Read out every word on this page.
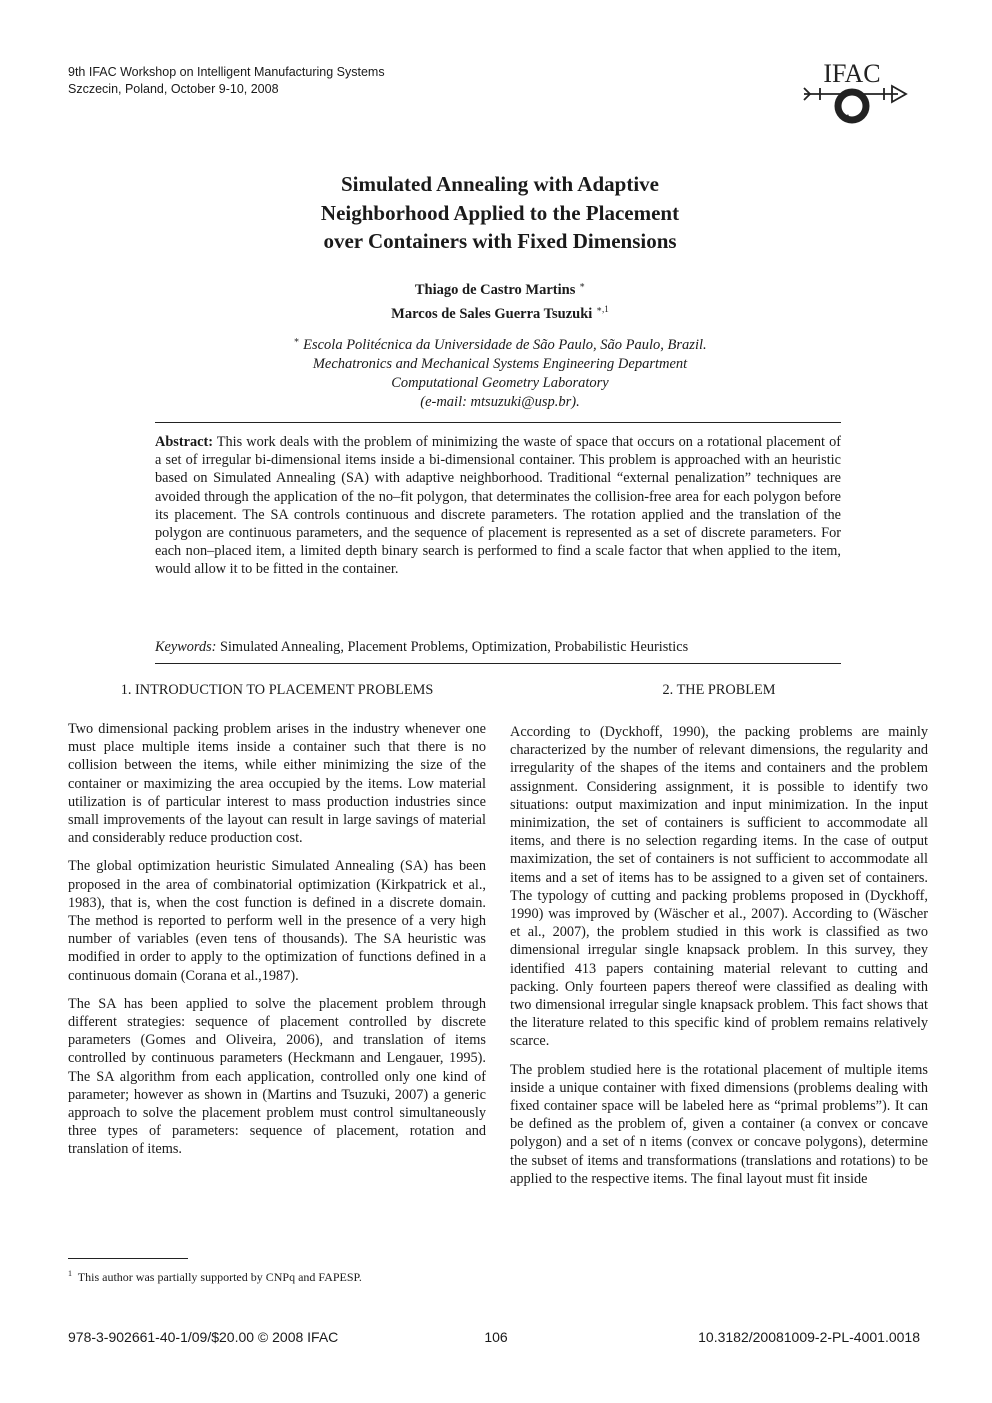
9th IFAC Workshop on Intelligent Manufacturing Systems
Szczecin, Poland, October 9-10, 2008
IFAC
Simulated Annealing with Adaptive
Neighborhood Applied to the Placement
over Containers with Fixed Dimensions
Thiago de Castro Martins ∗
Marcos de Sales Guerra Tsuzuki $^{∗,1}$
∗ Escola Politécnica da Universidade de São Paulo, São Paulo, Brazil.
Mechatronics and Mechanical Systems Engineering Department
Computational Geometry Laboratory
(e-mail: mtsuzuki@usp.br).
Abstract: This work deals with the problem of minimizing the waste of space that occurs on a rotational placement of a set of irregular bi-dimensional items inside a bi-dimensional container. This problem is approached with an heuristic based on Simulated Annealing (SA) with adaptive neighborhood. Traditional “external penalization” techniques are avoided through the application of the no–fit polygon, that determinates the collision-free area for each polygon before its placement. The SA controls continuous and discrete parameters. The rotation applied and the translation of the polygon are continuous parameters, and the sequence of placement is represented as a set of discrete parameters. For each non–placed item, a limited depth binary search is performed to find a scale factor that when applied to the item, would allow it to be fitted in the container.
Keywords: Simulated Annealing, Placement Problems, Optimization, Probabilistic Heuristics
1. INTRODUCTION TO PLACEMENT PROBLEMS	2. THE PROBLEM

Two dimensional packing problem arises in the industry whenever one must place multiple items inside a container such that there is no collision between the items, while either minimizing the size of the container or maximizing the area occupied by the items. Low material utilization is of particular interest to mass production industries since small improvements of the layout can result in large savings of material and considerably reduce production cost.

The global optimization heuristic Simulated Annealing (SA) has been proposed in the area of combinatorial optimization (Kirkpatrick et al., 1983), that is, when the cost function is defined in a discrete domain. The method is reported to perform well in the presence of a very high number of variables (even tens of thousands). The SA heuristic was modified in order to apply to the optimization of functions defined in a continuous domain (Corana et al.,1987).

The SA has been applied to solve the placement problem through different strategies: sequence of placement controlled by discrete parameters (Gomes and Oliveira, 2006), and translation of items controlled by continuous parameters (Heckmann and Lengauer, 1995). The SA algorithm from each application, controlled only one kind of parameter; however as shown in (Martins and Tsuzuki, 2007) a generic approach to solve the placement problem must control simultaneously three types of parameters: sequence of placement, rotation and translation of items.

According to (Dyckhoff, 1990), the packing problems are mainly characterized by the number of relevant dimensions, the regularity and irregularity of the shapes of the items and containers and the problem assignment. Considering assignment, it is possible to identify two situations: output maximization and input minimization. In the input minimization, the set of containers is sufficient to accommodate all items, and there is no selection regarding items. In the case of output maximization, the set of containers is not sufficient to accommodate all items and a set of items has to be assigned to a given set of containers. The typology of cutting and packing problems proposed in (Dyckhoff, 1990) was improved by (Wäscher et al., 2007). According to (Wäscher et al., 2007), the problem studied in this work is classified as two dimensional irregular single knapsack problem. In this survey, they identified 413 papers containing material relevant to cutting and packing. Only fourteen papers thereof were classified as dealing with two dimensional irregular single knapsack problem. This fact shows that the literature related to this specific kind of problem remains relatively scarce.

The problem studied here is the rotational placement of multiple items inside a unique container with fixed dimensions (problems dealing with fixed container space will be labeled here as “primal problems”). It can be defined as the problem of, given a container (a convex or concave polygon) and a set of n items (convex or concave polygons), determine the subset of items and transformations (translations and rotations) to be applied to the respective items. The final layout must fit inside

$^1$ This author was partially supported by CNPq and FAPESP.
978-3-902661-40-1/09/$20.00 © 2008 IFAC	106	10.3182/20081009-2-PL-4001.0018
